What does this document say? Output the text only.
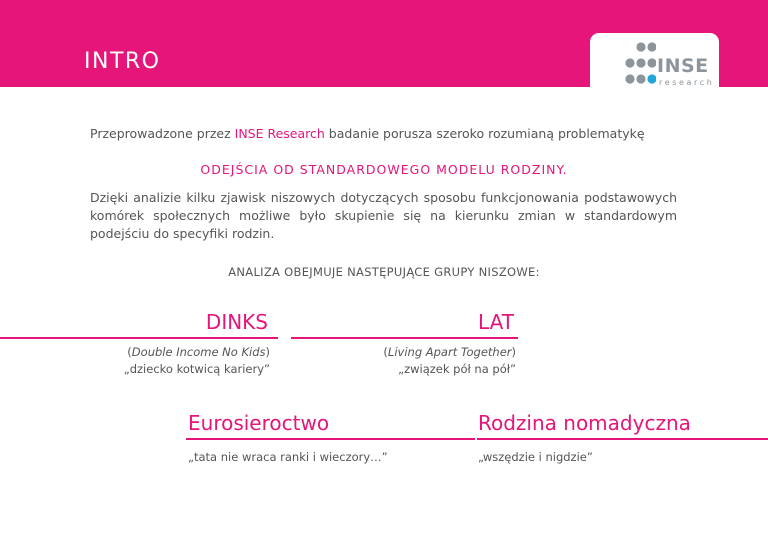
INTRO	INSE
research
Przeprowadzone przez INSE Research badanie porusza szeroko rozumianą problematykę
ODEJŚCIA OD STANDARDOWEGO MODELU RODZINY.
Dzięki analizie kilku zjawisk niszowych dotyczących sposobu funkcjonowania podstawowych komórek społecznych możliwe było skupienie się na kierunku zmian w standardowym podejściu do specyfiki rodzin.
ANALIZA OBEJMUJE NASTĘPUJĄCE GRUPY NISZOWE:
DINKS
(Double Income No Kids)
„dziecko kotwicą kariery”
LAT
(Living Apart Together)
„związek pół na pół”
Eurosieroctwo
„tata nie wraca ranki i wieczory…”
Rodzina nomadyczna
„wszędzie i nigdzie”
